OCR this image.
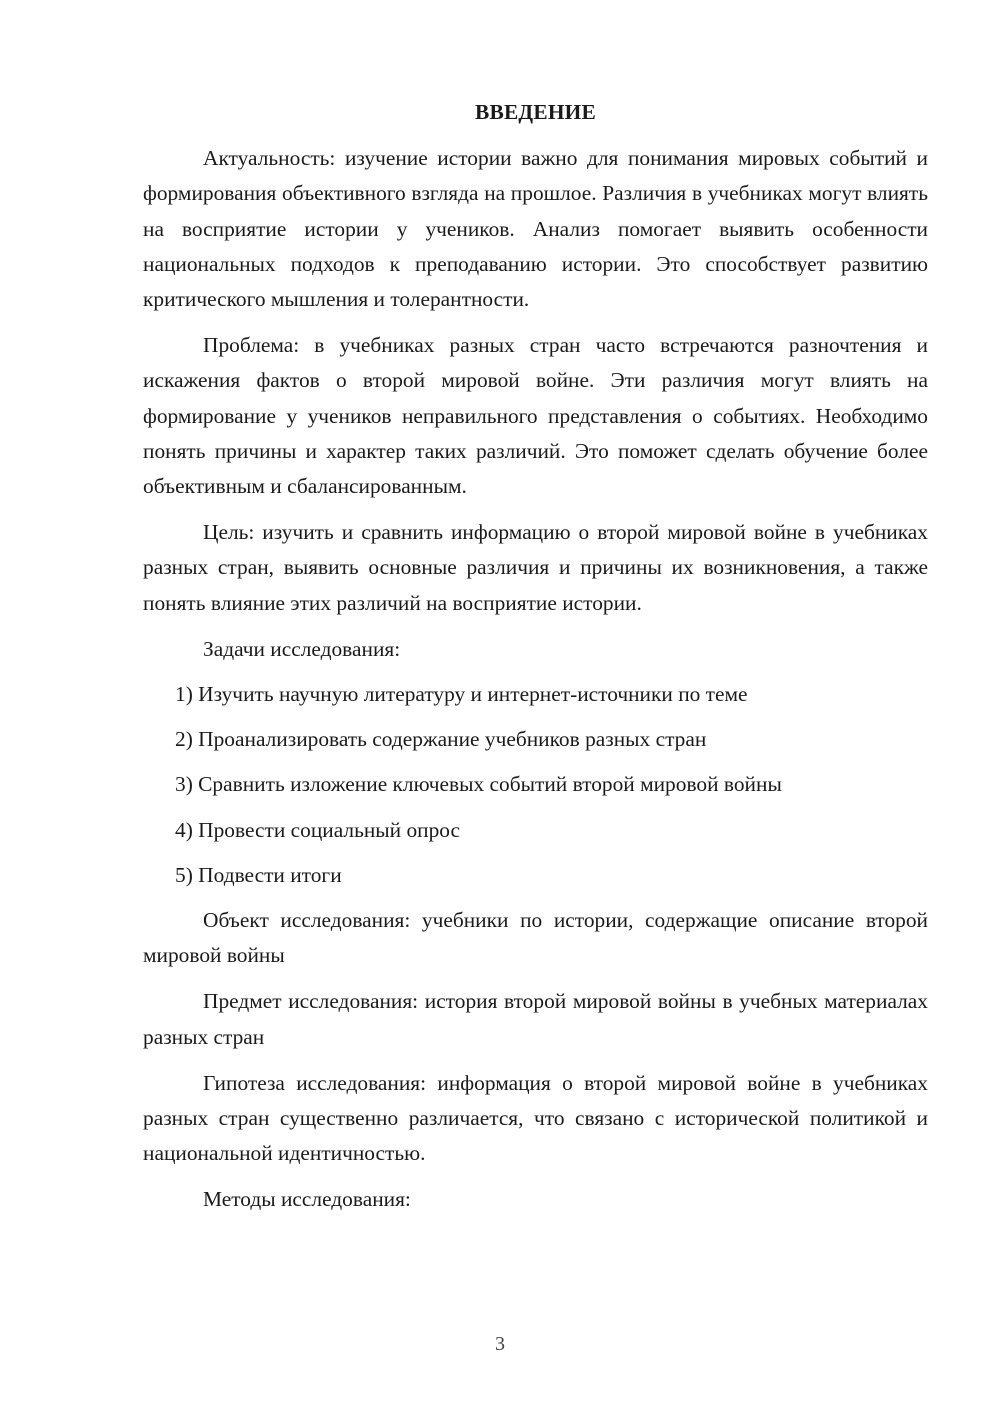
ВВЕДЕНИЕ

Актуальность: изучение истории важно для понимания мировых событий и формирования объективного взгляда на прошлое. Различия в учебниках могут влиять на восприятие истории у учеников. Анализ помогает выявить особенности национальных подходов к преподаванию истории. Это способствует развитию критического мышления и толерантности.

Проблема: в учебниках разных стран часто встречаются разночтения и искажения фактов о второй мировой войне. Эти различия могут влиять на формирование у учеников неправильного представления о событиях. Необходимо понять причины и характер таких различий. Это поможет сделать обучение более объективным и сбалансированным.

Цель: изучить и сравнить информацию о второй мировой войне в учебниках разных стран, выявить основные различия и причины их возникновения, а также понять влияние этих различий на восприятие истории.

Задачи исследования:

1) Изучить научную литературу и интернет-источники по теме

2) Проанализировать содержание учебников разных стран

3) Сравнить изложение ключевых событий второй мировой войны

4) Провести социальный опрос

5) Подвести итоги

Объект исследования: учебники по истории, содержащие описание второй мировой войны

Предмет исследования: история второй мировой войны в учебных материалах разных стран

Гипотеза исследования: информация о второй мировой войне в учебниках разных стран существенно различается, что связано с исторической политикой и национальной идентичностью.

Методы исследования:

3
